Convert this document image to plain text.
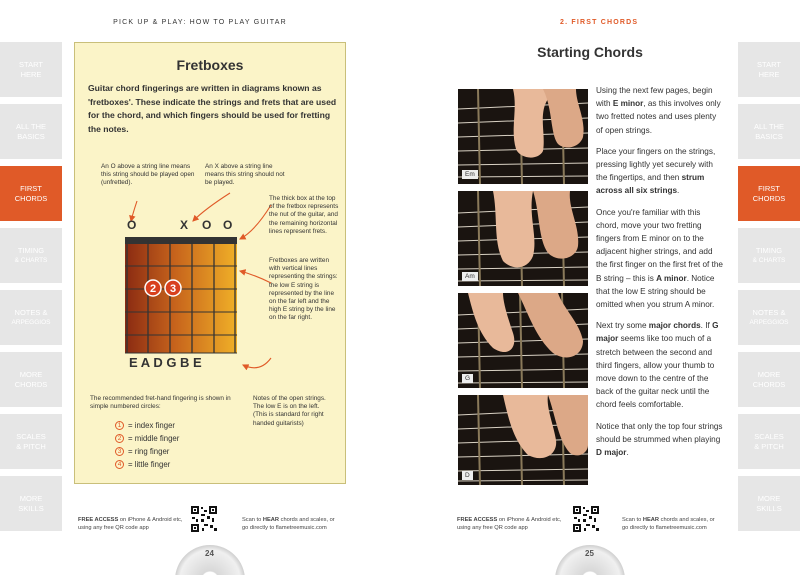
PICK UP & PLAY: HOW TO PLAY GUITAR	2. FIRST CHORDS
START
HERE
ALL THE
BASICS
FIRST
CHORDS
TIMING
& CHARTS
NOTES &
ARPEGGIOS
MORE
CHORDS
SCALES
& PITCH
MORE
SKILLS
START
HERE
ALL THE
BASICS
FIRST
CHORDS
TIMING
& CHARTS
NOTES &
ARPEGGIOS
MORE
CHORDS
SCALES
& PITCH
MORE
SKILLS
Fretboxes
Guitar chord fingerings are written in diagrams known as 'fretboxes'. These indicate the strings and frets that are used for the chord, and which fingers should be used for fretting the notes.
2 3
O	X O O
An O above a string line means this string should be played open (unfretted).
An X above a string line means this string should not be played.
The thick box at the top of the fretbox represents the nut of the guitar, and the remaining horizontal lines represent frets.
Fretboxes are written with vertical lines representing the strings: the low E string is represented by the line on the far left and the high E string by the line on the far right.
E A D G B E
The recommended fret-hand fingering is shown in simple numbered circles:
Notes of the open strings. The low E is on the left. (This is standard for right handed guitarists)
1 = index finger
2 = middle finger
3 = ring finger
4 = little finger
FREE ACCESS on iPhone & Android etc, using any free QR code app
Scan to HEAR chords and scales, or go directly to flametreemusic.com
24
Starting Chords
Em
Am
G
D

Using the next few pages, begin with E minor, as this involves only two fretted notes and uses plenty of open strings.

Place your fingers on the strings, pressing lightly yet securely with the fingertips, and then strum across all six strings.

Once you're familiar with this chord, move your two fretting fingers from E minor on to the adjacent higher strings, and add the first finger on the first fret of the B string – this is A minor. Notice that the low E string should be omitted when you strum A minor.

Next try some major chords. If G major seems like too much of a stretch between the second and third fingers, allow your thumb to move down to the centre of the back of the guitar neck until the chord feels comfortable.

Notice that only the top four strings should be strummed when playing D major.

FREE ACCESS on iPhone & Android etc, using any free QR code app
Scan to HEAR chords and scales, or go directly to flametreemusic.com
25
